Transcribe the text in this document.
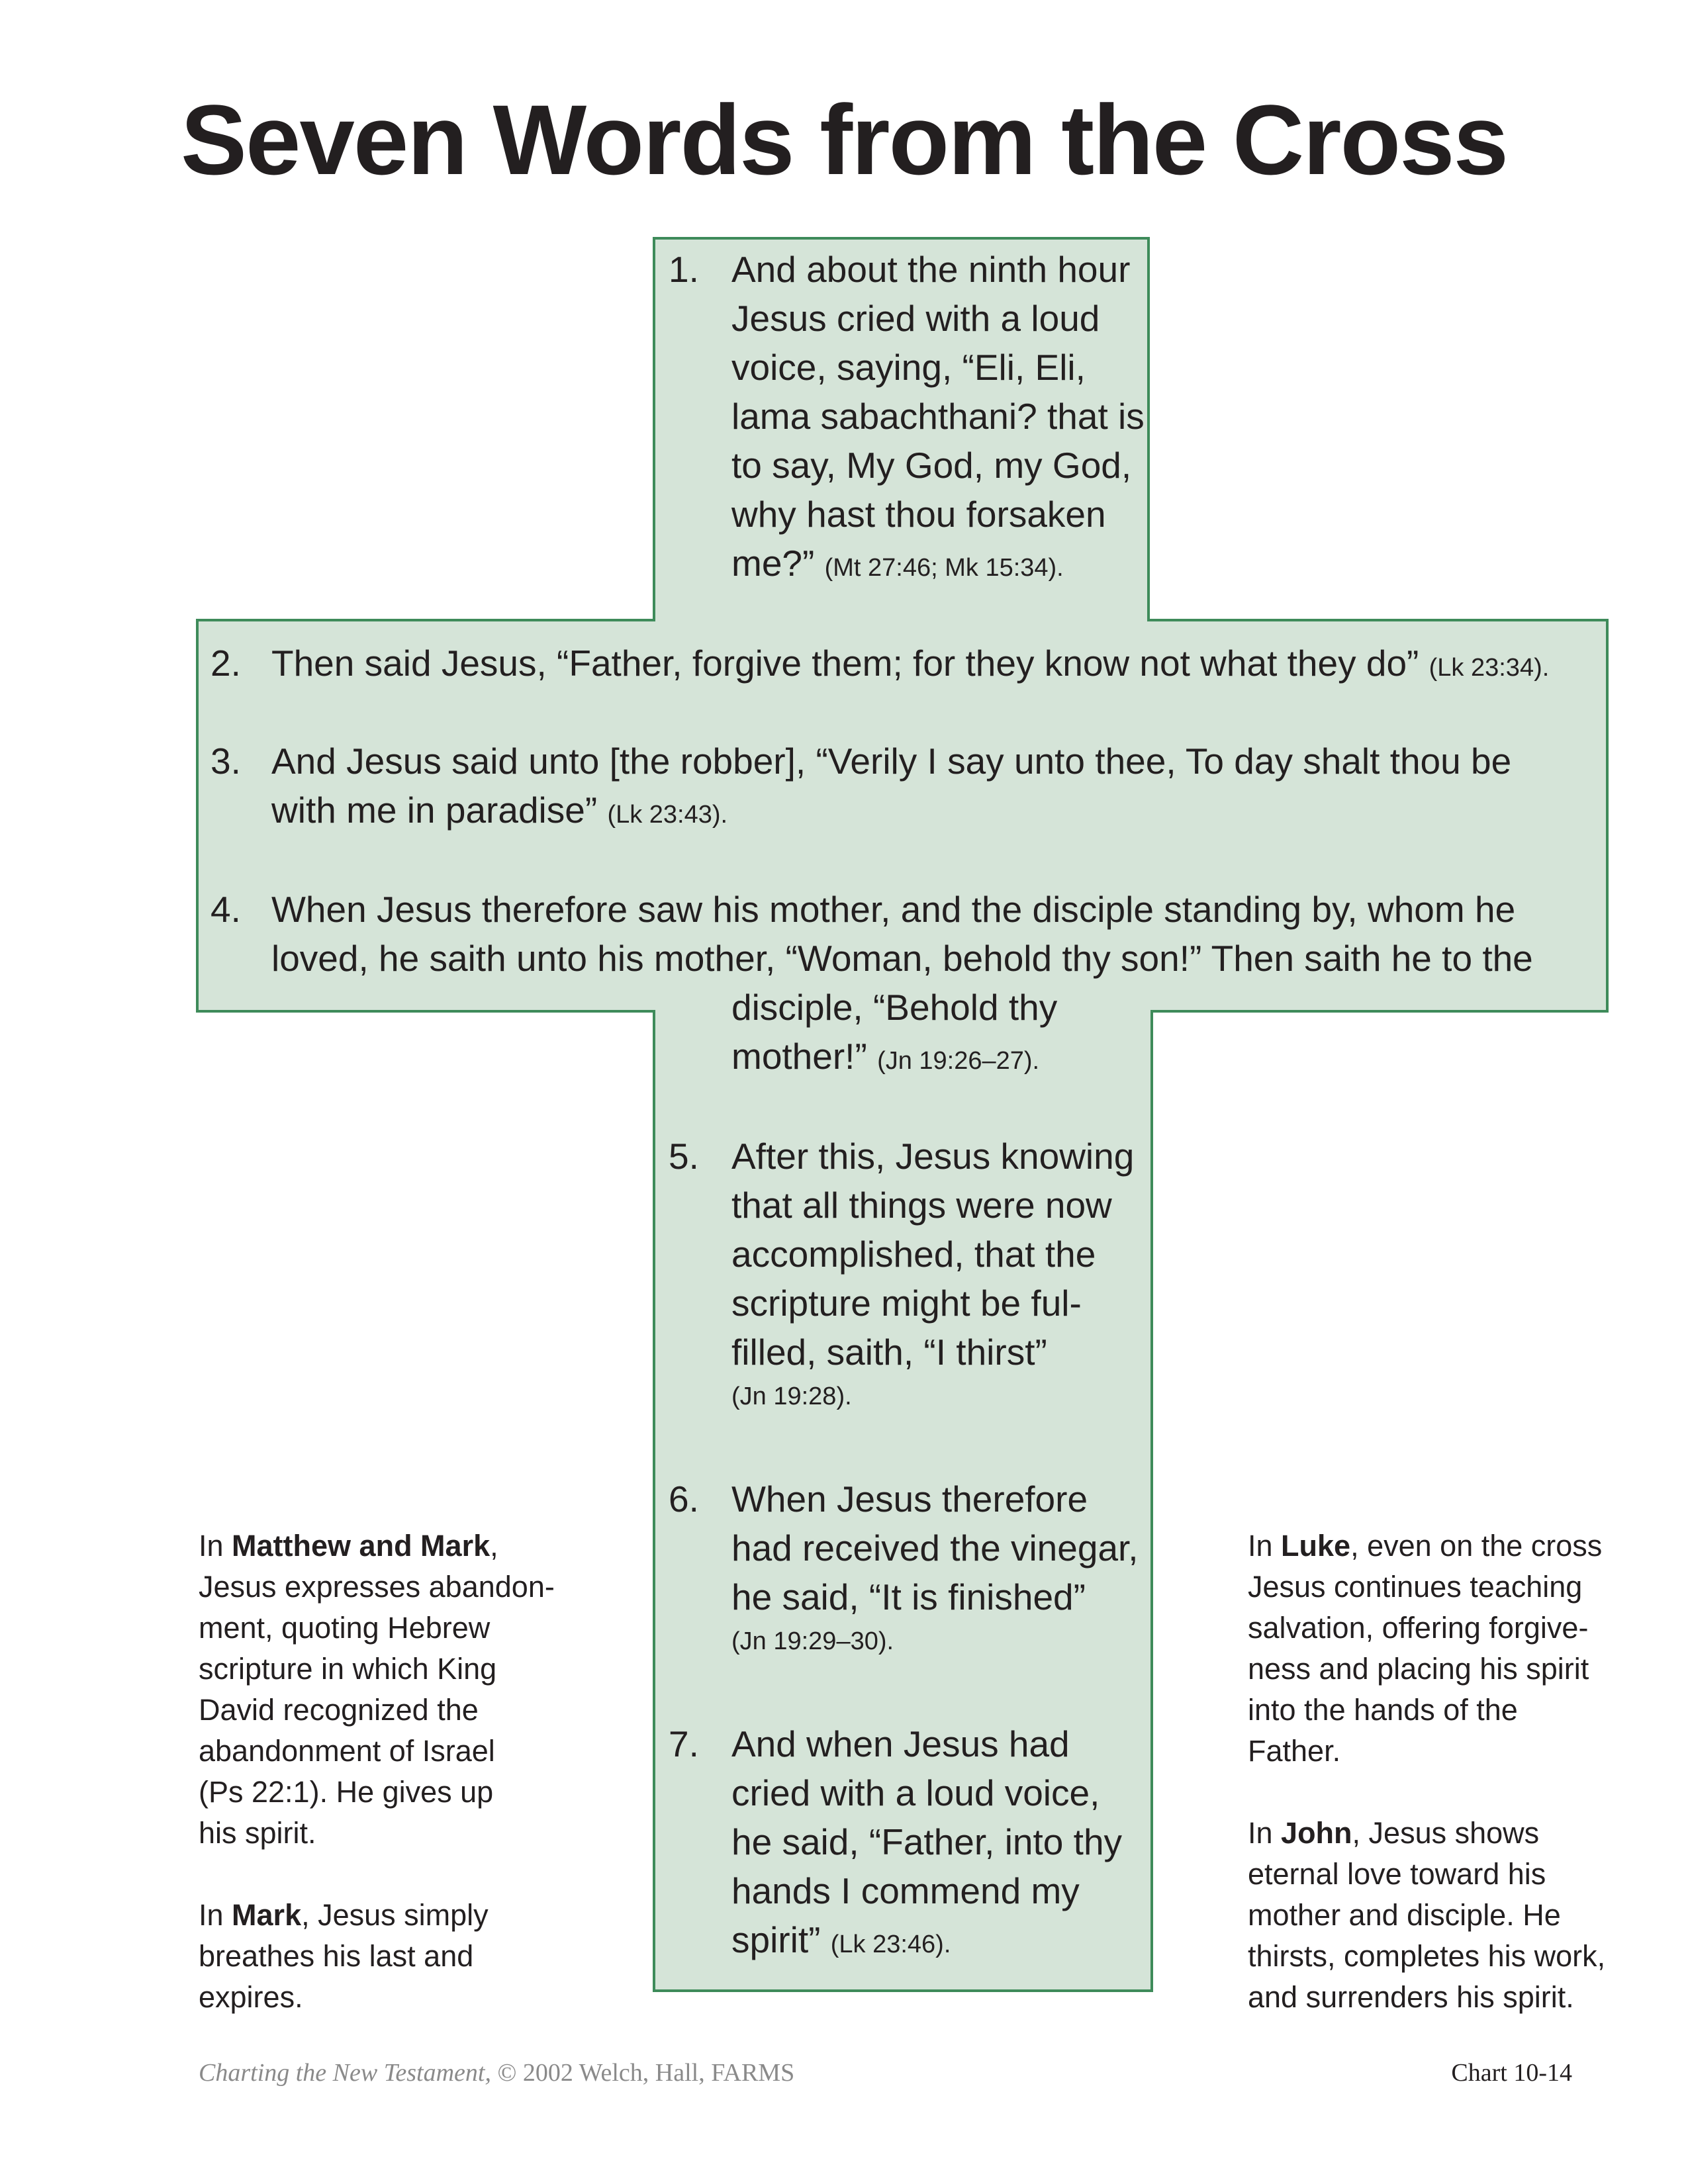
Seven Words from the Cross
1. And about the ninth hour
Jesus cried with a loud
voice, saying, “Eli, Eli,
lama sabachthani? that is
to say, My God, my God,
why hast thou forsaken
me?” (Mt 27:46; Mk 15:34).
2. Then said Jesus, “Father, forgive them; for they know not what they do” (Lk 23:34).
3. And Jesus said unto [the robber], “Verily I say unto thee, To day shalt thou be
with me in paradise” (Lk 23:43).
4. When Jesus therefore saw his mother, and the disciple standing by, whom he
loved, he saith unto his mother, “Woman, behold thy son!” Then saith he to the
disciple, “Behold thy
mother!” (Jn 19:26–27).
5. After this, Jesus knowing
that all things were now
accomplished, that the
scripture might be ful-
filled, saith, “I thirst”
(Jn 19:28).
6. When Jesus therefore
had received the vinegar,
he said, “It is finished”
(Jn 19:29–30).
7. And when Jesus had
cried with a loud voice,
he said, “Father, into thy
hands I commend my
spirit” (Lk 23:46).

In Matthew and Mark,
Jesus expresses abandon-
ment, quoting Hebrew
scripture in which King
David recognized the
abandonment of Israel
(Ps 22:1). He gives up
his spirit.

In Mark, Jesus simply
breathes his last and
expires.

In Luke, even on the cross
Jesus continues teaching
salvation, offering forgive-
ness and placing his spirit
into the hands of the
Father.

In John, Jesus shows
eternal love toward his
mother and disciple. He
thirsts, completes his work,
and surrenders his spirit.

Charting the New Testament, © 2002 Welch, Hall, FARMS	Chart 10-14
